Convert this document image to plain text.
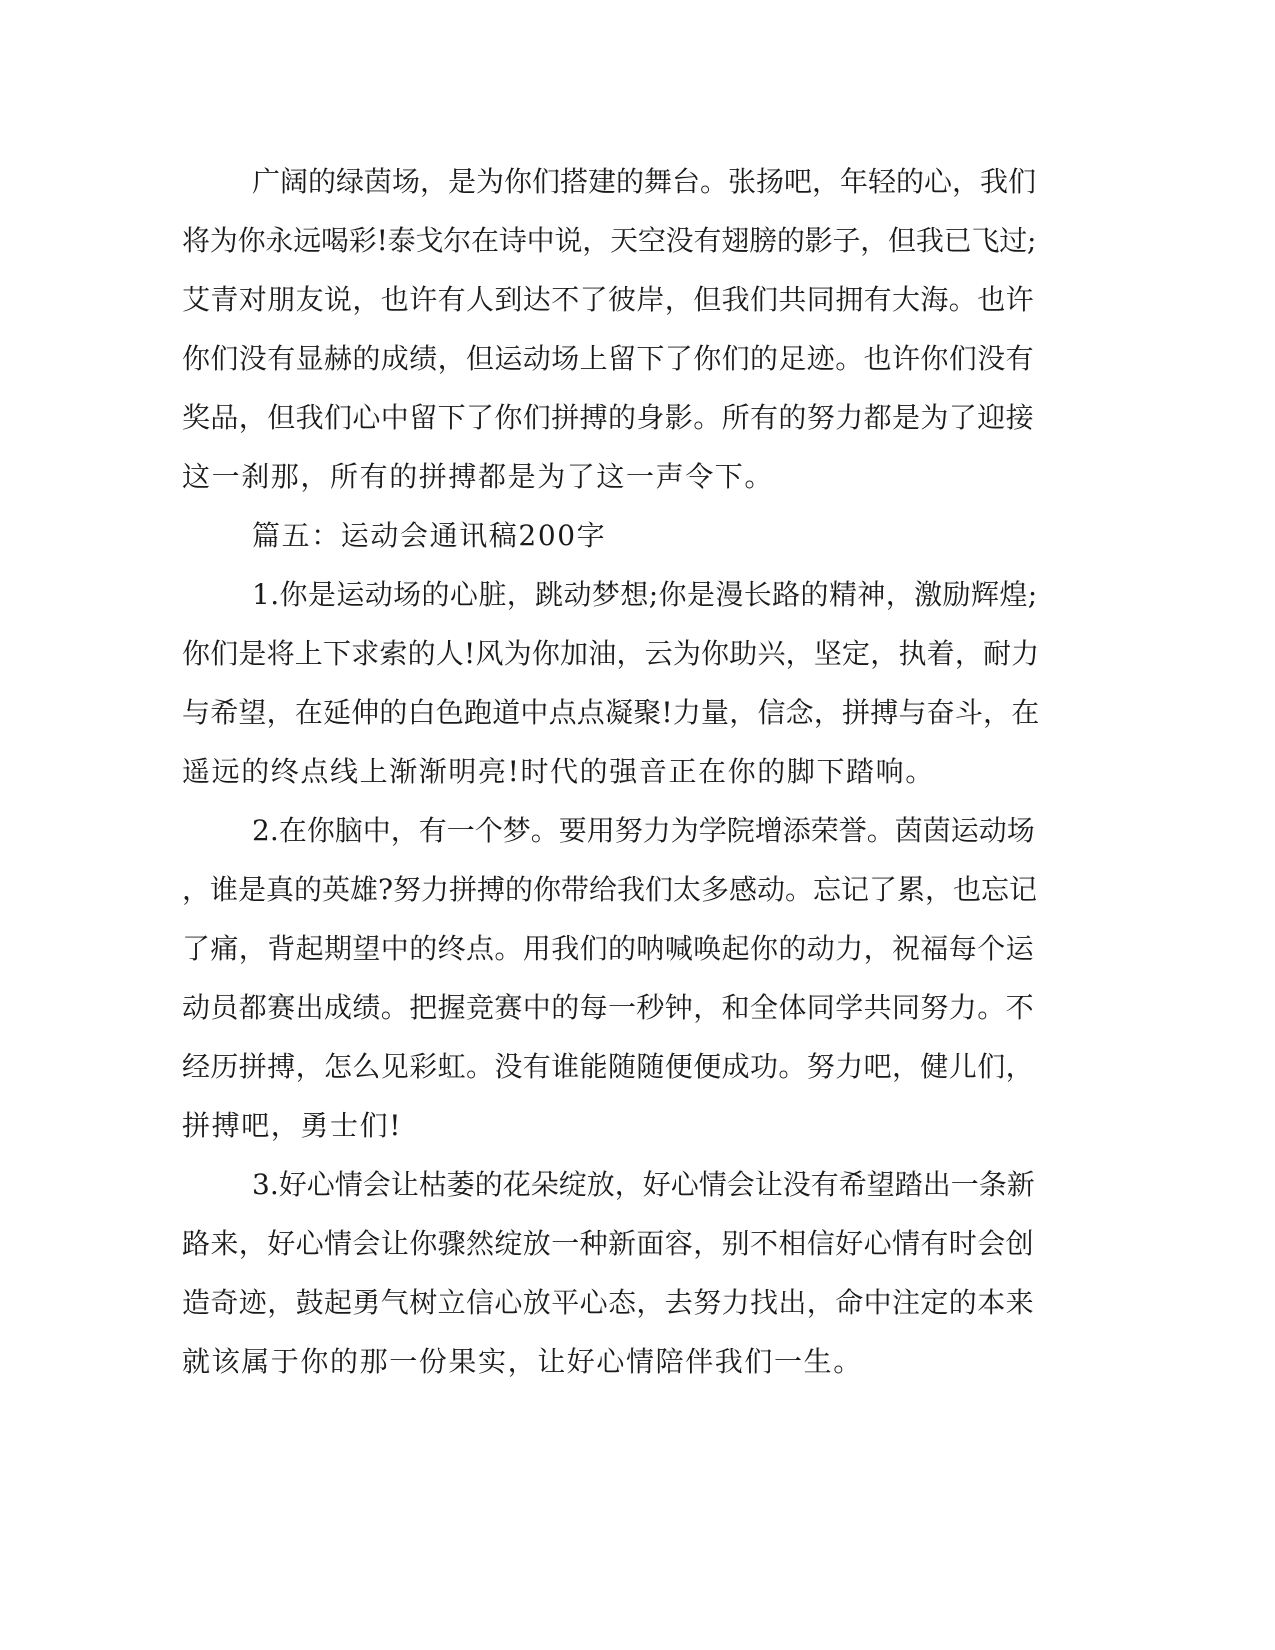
广阔的绿茵场，是为你们搭建的舞台。张扬吧，年轻的心，我们

将为你永远喝彩!泰戈尔在诗中说，天空没有翅膀的影子，但我已飞过;

艾青对朋友说，也许有人到达不了彼岸，但我们共同拥有大海。也许

你们没有显赫的成绩，但运动场上留下了你们的足迹。也许你们没有

奖品，但我们心中留下了你们拼搏的身影。所有的努力都是为了迎接

这一刹那，所有的拼搏都是为了这一声令下。

篇五：运动会通讯稿200字

1.你是运动场的心脏，跳动梦想;你是漫长路的精神，激励辉煌;

你们是将上下求索的人!风为你加油，云为你助兴，坚定，执着，耐力

与希望，在延伸的白色跑道中点点凝聚!力量，信念，拼搏与奋斗，在

遥远的终点线上渐渐明亮!时代的强音正在你的脚下踏响。

2.在你脑中，有一个梦。要用努力为学院增添荣誉。茵茵运动场

，谁是真的英雄?努力拼搏的你带给我们太多感动。忘记了累，也忘记

了痛，背起期望中的终点。用我们的呐喊唤起你的动力，祝福每个运

动员都赛出成绩。把握竞赛中的每一秒钟，和全体同学共同努力。不

经历拼搏，怎么见彩虹。没有谁能随随便便成功。努力吧，健儿们，

拼搏吧，勇士们!

3.好心情会让枯萎的花朵绽放，好心情会让没有希望踏出一条新

路来，好心情会让你骤然绽放一种新面容，别不相信好心情有时会创

造奇迹，鼓起勇气树立信心放平心态，去努力找出，命中注定的本来

就该属于你的那一份果实，让好心情陪伴我们一生。
